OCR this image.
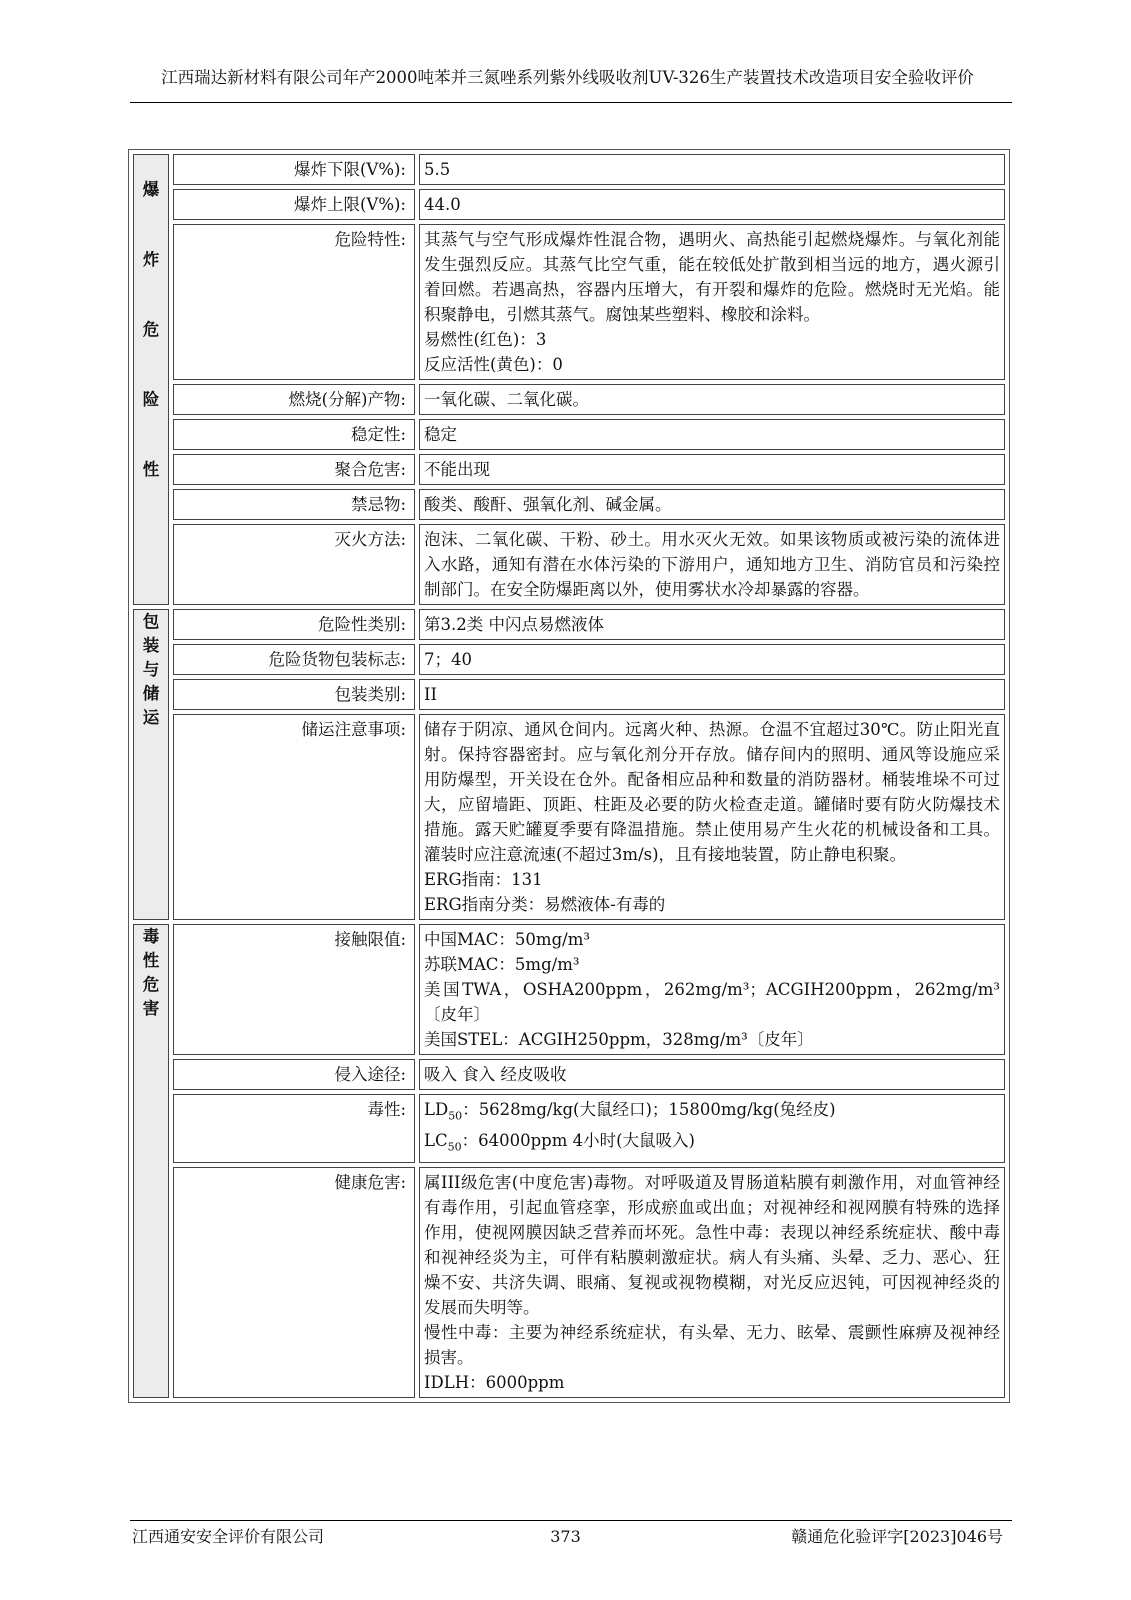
江西瑞达新材料有限公司年产2000吨苯并三氮唑系列紫外线吸收剂UV-326生产装置技术改造项目安全验收评价
爆
炸
危
险
性	爆炸下限(V%):	5.5
	爆炸上限(V%):	44.0
	危险特性:	其蒸气与空气形成爆炸性混合物，遇明火、高热能引起燃烧爆炸。与氧化剂能发生强烈反应。其蒸气比空气重，能在较低处扩散到相当远的地方，遇火源引着回燃。若遇高热，容器内压增大，有开裂和爆炸的危险。燃烧时无光焰。能积聚静电，引燃其蒸气。腐蚀某些塑料、橡胶和涂料。
易燃性(红色)：3
反应活性(黄色)：0

	燃烧(分解)产物:	一氧化碳、二氧化碳。
	稳定性:	稳定
	聚合危害:	不能出现
	禁忌物:	酸类、酸酐、强氧化剂、碱金属。
	灭火方法:	泡沫、二氧化碳、干粉、砂土。用水灭火无效。如果该物质或被污染的流体进入水路，通知有潜在水体污染的下游用户，通知地方卫生、消防官员和污染控制部门。在安全防爆距离以外，使用雾状水冷却暴露的容器。

包
装
与
储
运	危险性类别:	第3.2类 中闪点易燃液体
	危险货物包装标志:	7；40
	包装类别:	II
	储运注意事项:	储存于阴凉、通风仓间内。远离火种、热源。仓温不宜超过30℃。防止阳光直射。保持容器密封。应与氧化剂分开存放。储存间内的照明、通风等设施应采用防爆型，开关设在仓外。配备相应品种和数量的消防器材。桶装堆垛不可过大，应留墙距、顶距、柱距及必要的防火检查走道。罐储时要有防火防爆技术措施。露天贮罐夏季要有降温措施。禁止使用易产生火花的机械设备和工具。灌装时应注意流速(不超过3m/s)，且有接地装置，防止静电积聚。
ERG指南：131
ERG指南分类：易燃液体-有毒的

毒
性
危
害	接触限值:	中国MAC：50mg/m³
苏联MAC：5mg/m³
美国TWA，OSHA200ppm，262mg/m³；ACGIH200ppm，262mg/m³〔皮年〕
美国STEL：ACGIH250ppm，328mg/m³〔皮年〕

	侵入途径:	吸入 食入 经皮吸收
	毒性:	$LD_{50}$：5628mg/kg(大鼠经口)；15800mg/kg(兔经皮)
$LC_{50}$：64000ppm 4小时(大鼠吸入)

	健康危害:	属III级危害(中度危害)毒物。对呼吸道及胃肠道粘膜有刺激作用，对血管神经有毒作用，引起血管痉挛，形成瘀血或出血；对视神经和视网膜有特殊的选择作用，使视网膜因缺乏营养而坏死。急性中毒：表现以神经系统症状、酸中毒和视神经炎为主，可伴有粘膜刺激症状。病人有头痛、头晕、乏力、恶心、狂燥不安、共济失调、眼痛、复视或视物模糊，对光反应迟钝，可因视神经炎的发展而失明等。
慢性中毒：主要为神经系统症状，有头晕、无力、眩晕、震颤性麻痹及视神经损害。
IDLH：6000ppm
江西通安安全评价有限公司	373	赣通危化验评字[2023]046号
